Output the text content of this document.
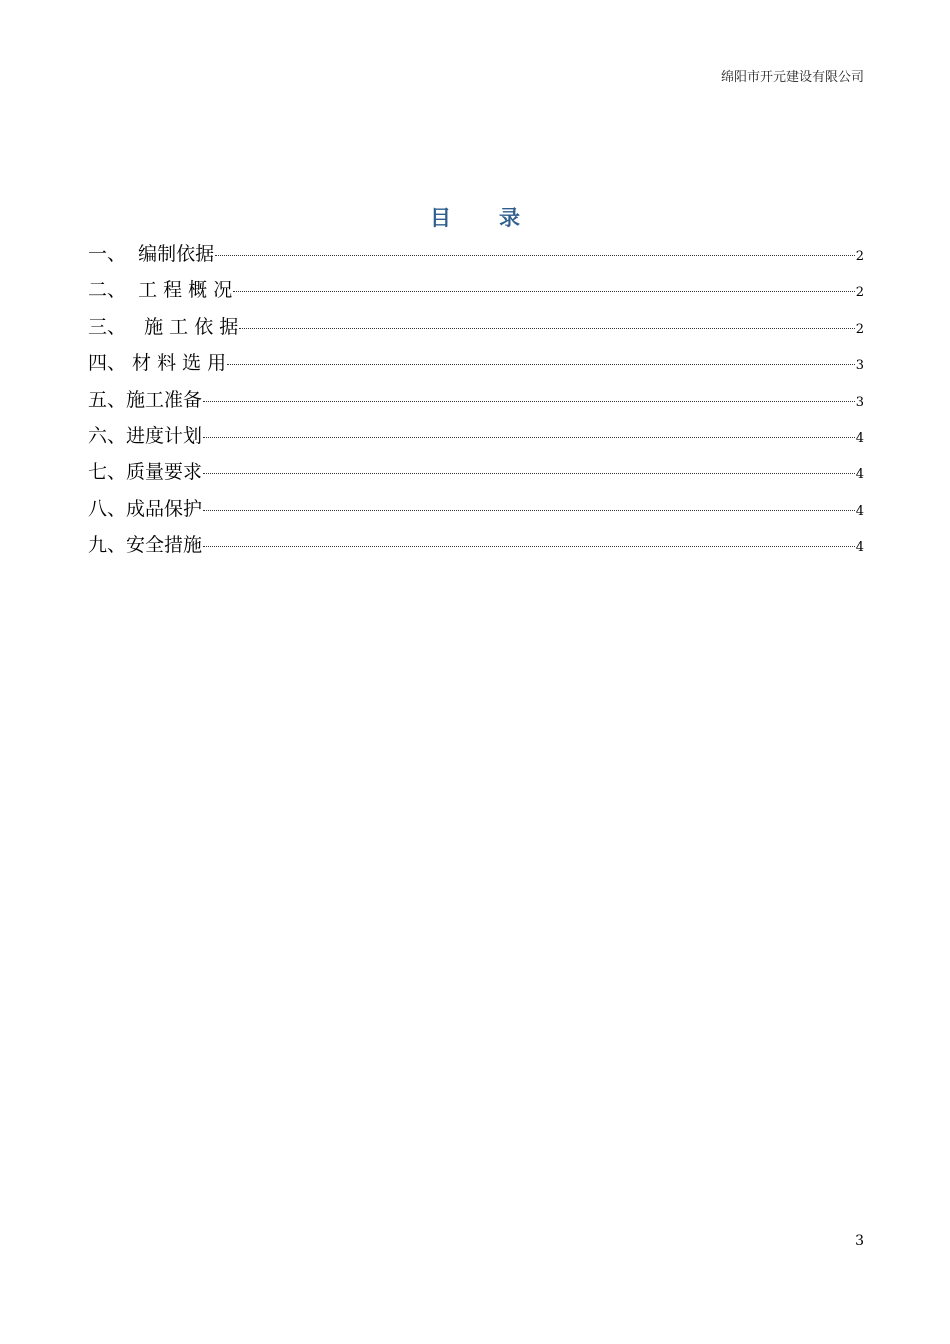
绵阳市开元建设有限公司
目 录
一、  编制依据	2
二、  工 程 概 况	2
三、   施 工 依 据	2
四、 材 料 选 用	3
五、施工准备	3
六、进度计划	4
七、质量要求	4
八、成品保护	4
九、安全措施	4
3
